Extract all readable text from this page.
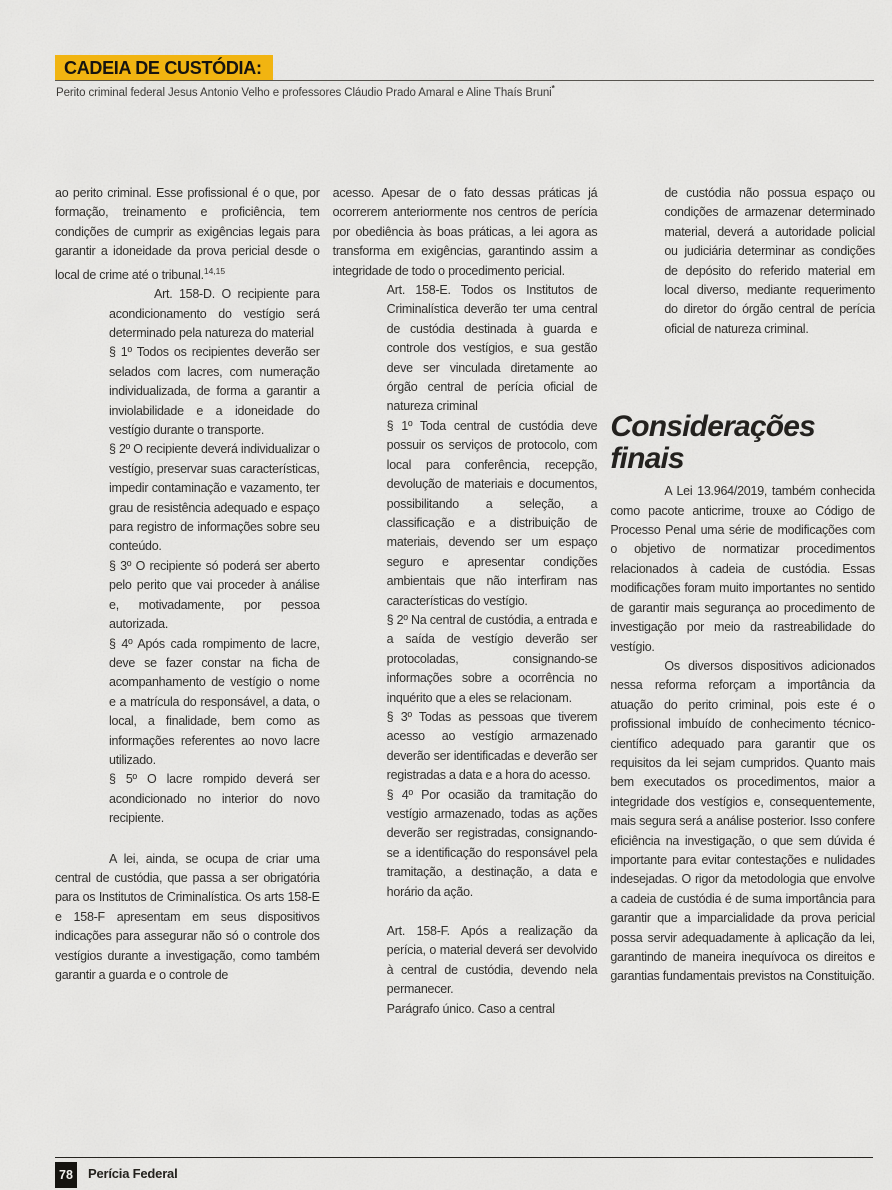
CADEIA DE CUSTÓDIA:

Perito criminal federal Jesus Antonio Velho e professores Cláudio Prado Amaral e Aline Thaís Bruni*

ao perito criminal. Esse profissional é o que, por formação, treinamento e proficiência, tem condições de cumprir as exigências legais para garantir a idoneidade da prova pericial desde o local de crime até o tribunal.$^{14,15}$

Art. 158-D. O recipiente para acondicionamento do vestígio será determinado pela natureza do material

§ 1º Todos os recipientes deverão ser selados com lacres, com numeração individualizada, de forma a garantir a inviolabilidade e a idoneidade do vestígio durante o transporte.

§ 2º O recipiente deverá individualizar o vestígio, preservar suas características, impedir contaminação e vazamento, ter grau de resistência adequado e espaço para registro de informações sobre seu conteúdo.

§ 3º O recipiente só poderá ser aberto pelo perito que vai proceder à análise e, motivadamente, por pessoa autorizada.

§ 4º Após cada rompimento de lacre, deve se fazer constar na ficha de acompanhamento de vestígio o nome e a matrícula do responsável, a data, o local, a finalidade, bem como as informações referentes ao novo lacre utilizado.

§ 5º O lacre rompido deverá ser acondicionado no interior do novo recipiente.

A lei, ainda, se ocupa de criar uma central de custódia, que passa a ser obrigatória para os Institutos de Criminalística. Os arts 158-E e 158-F apresentam em seus dispositivos indicações para assegurar não só o controle dos vestígios durante a investigação, como também garantir a guarda e o controle de

acesso. Apesar de o fato dessas práticas já ocorrerem anteriormente nos centros de perícia por obediência às boas práticas, a lei agora as transforma em exigências, garantindo assim a integridade de todo o procedimento pericial.

Art. 158-E. Todos os Institutos de Criminalística deverão ter uma central de custódia destinada à guarda e controle dos vestígios, e sua gestão deve ser vinculada diretamente ao órgão central de perícia oficial de natureza criminal

§ 1º Toda central de custódia deve possuir os serviços de protocolo, com local para conferência, recepção, devolução de materiais e documentos, possibilitando a seleção, a classificação e a distribuição de materiais, devendo ser um espaço seguro e apresentar condições ambientais que não interfiram nas características do vestígio.

§ 2º Na central de custódia, a entrada e a saída de vestígio deverão ser protocoladas, consignando-se informações sobre a ocorrência no inquérito que a eles se relacionam.

§ 3º Todas as pessoas que tiverem acesso ao vestígio armazenado deverão ser identificadas e deverão ser registradas a data e a hora do acesso.

§ 4º Por ocasião da tramitação do vestígio armazenado, todas as ações deverão ser registradas, consignando-se a identificação do responsável pela tramitação, a destinação, a data e horário da ação.

Art. 158-F. Após a realização da perícia, o material deverá ser devolvido à central de custódia, devendo nela permanecer.

Parágrafo único. Caso a central

de custódia não possua espaço ou condições de armazenar determinado material, deverá a autoridade policial ou judiciária determinar as condições de depósito do referido material em local diverso, mediante requerimento do diretor do órgão central de perícia oficial de natureza criminal.

Considerações finais

A Lei 13.964/2019, também conhecida como pacote anticrime, trouxe ao Código de Processo Penal uma série de modificações com o objetivo de normatizar procedimentos relacionados à cadeia de custódia. Essas modificações foram muito importantes no sentido de garantir mais segurança ao procedimento de investigação por meio da rastreabilidade do vestígio.

Os diversos dispositivos adicionados nessa reforma reforçam a importância da atuação do perito criminal, pois este é o profissional imbuído de conhecimento técnico-científico adequado para garantir que os requisitos da lei sejam cumpridos. Quanto mais bem executados os procedimentos, maior a integridade dos vestígios e, consequentemente, mais segura será a análise posterior. Isso confere eficiência na investigação, o que sem dúvida é importante para evitar contestações e nulidades indesejadas. O rigor da metodologia que envolve a cadeia de custódia é de suma importância para garantir que a imparcialidade da prova pericial possa servir adequadamente à aplicação da lei, garantindo de maneira inequívoca os direitos e garantias fundamentais previstos na Constituição.

78	Perícia Federal
